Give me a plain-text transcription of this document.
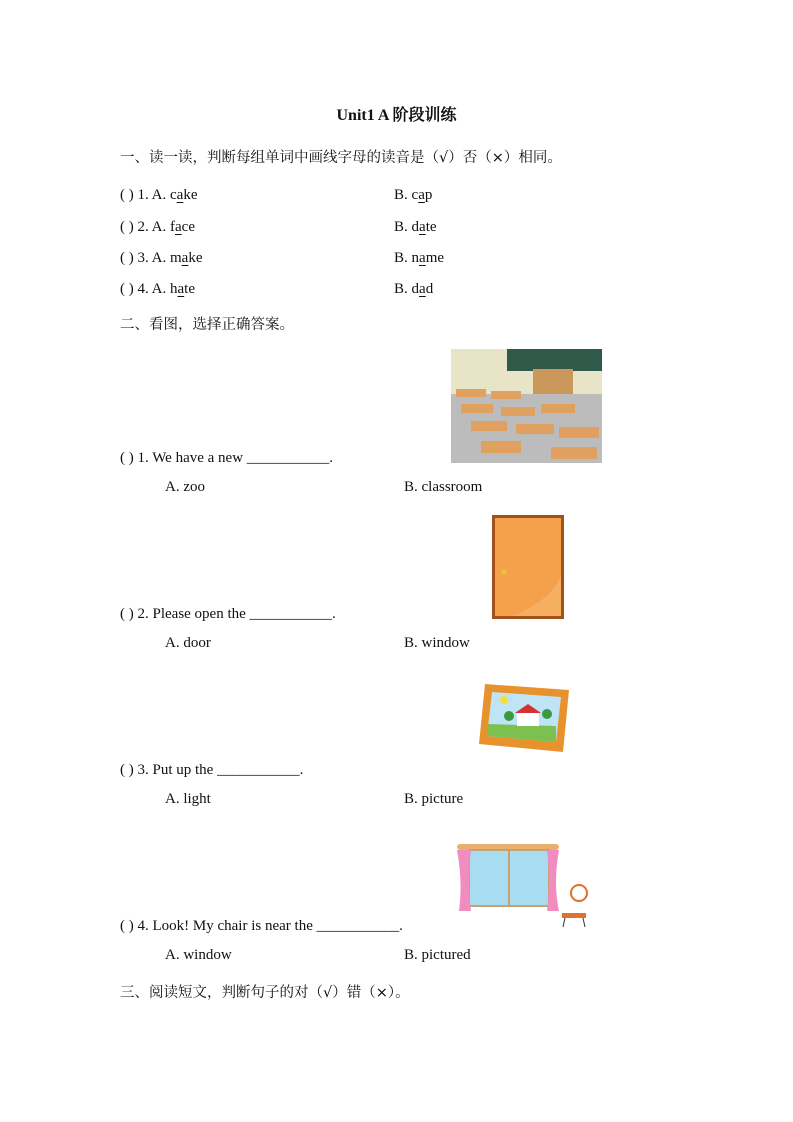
Unit1 A 阶段训练
一、读一读，判断每组单词中画线字母的读音是（√）否（×）相同。
( ) 1. A. cake	B. cap
( ) 2. A. face	B. date
( ) 3. A. make	B. name
( ) 4. A. hate	B. dad
二、看图，选择正确答案。
( ) 1. We have a new ___________.
A. zoo	B. classroom
( ) 2. Please open the ___________.
A. door	B. window
( ) 3. Put up the ___________.
A. light	B. picture
( ) 4. Look! My chair is near the ___________.
A. window	B. pictured
三、阅读短文，判断句子的对（√）错（×）。
